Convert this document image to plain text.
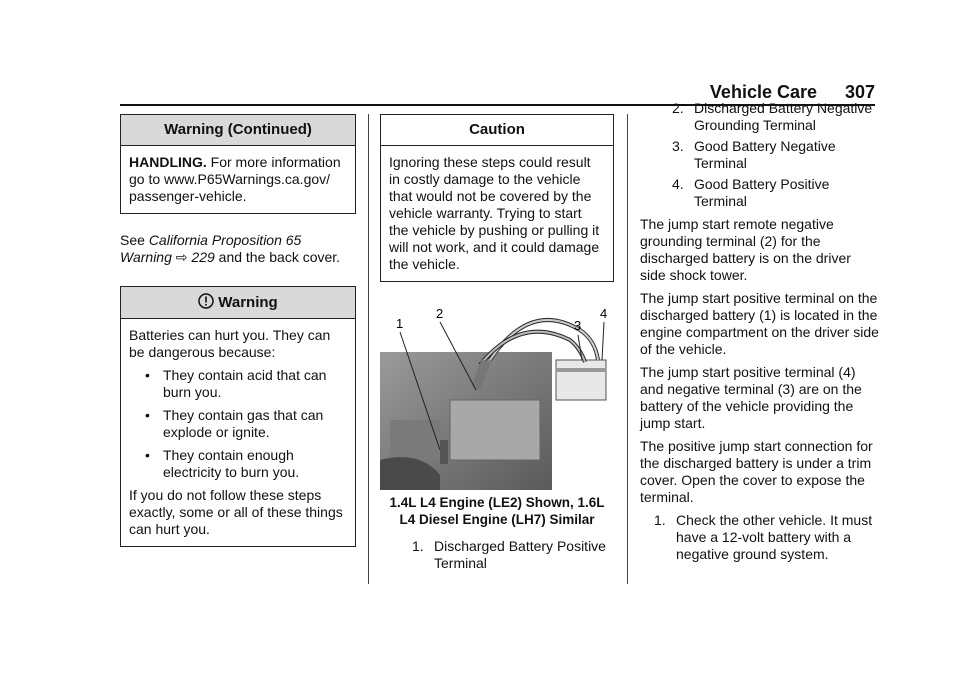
Vehicle Care 307
Warning (Continued)

HANDLING. For more information go to www.P65Warnings.ca.gov/ passenger-vehicle.

See California Proposition 65 Warning ⇨ 229 and the back cover.

Warning

Batteries can hurt you. They can be dangerous because:

• They contain acid that can burn you.
• They contain gas that can explode or ignite.
• They contain enough electricity to burn you.

If you do not follow these steps exactly, some or all of these things can hurt you.

Caution

Ignoring these steps could result in costly damage to the vehicle that would not be covered by the vehicle warranty. Trying to start the vehicle by pushing or pulling it will not work, and it could damage the vehicle.

1
2
3
4
1.4L L4 Engine (LE2) Shown, 1.6L L4 Diesel Engine (LH7) Similar
1. Discharged Battery Positive Terminal
2. Discharged Battery Negative Grounding Terminal
3. Good Battery Negative Terminal
4. Good Battery Positive Terminal

The jump start remote negative grounding terminal (2) for the discharged battery is on the driver side shock tower.

The jump start positive terminal on the discharged battery (1) is located in the engine compartment on the driver side of the vehicle.

The jump start positive terminal (4) and negative terminal (3) are on the battery of the vehicle providing the jump start.

The positive jump start connection for the discharged battery is under a trim cover. Open the cover to expose the terminal.

1. Check the other vehicle. It must have a 12-volt battery with a negative ground system.
